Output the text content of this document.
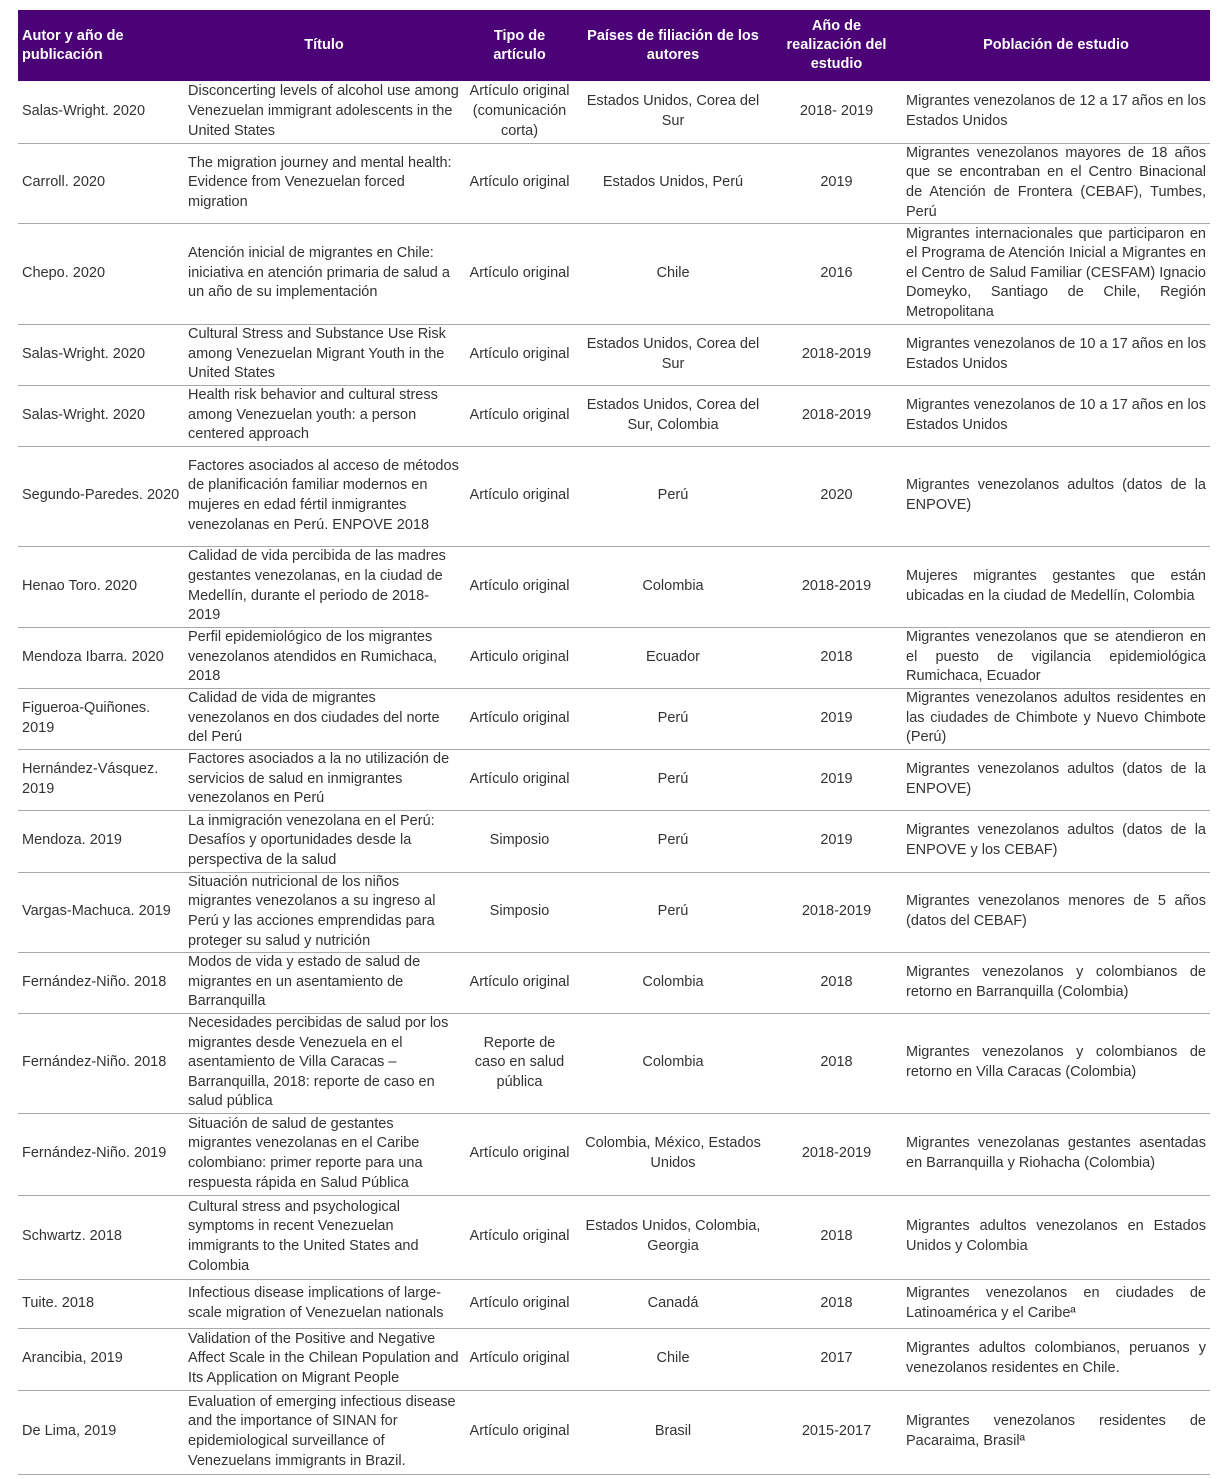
Autor y año de publicación	Título	Tipo de artículo	Países de filiación de los autores	Año de realización del estudio	Población de estudio
Salas-Wright. 2020	Disconcerting levels of alcohol use among Venezuelan immigrant adolescents in the United States	Artículo original (comunicación corta)	Estados Unidos, Corea del Sur	2018- 2019	Migrantes venezolanos de 12 a 17 años en los Estados Unidos
Carroll. 2020	The migration journey and mental health: Evidence from Venezuelan forced migration	Artículo original	Estados Unidos, Perú	2019	Migrantes venezolanos mayores de 18 años que se encontraban en el Centro Binacional de Atención de Frontera (CEBAF), Tumbes, Perú
Chepo. 2020	Atención inicial de migrantes en Chile: iniciativa en atención primaria de salud a un año de su implementación	Artículo original	Chile	2016	Migrantes internacionales que participaron en el Programa de Atención Inicial a Migrantes en el Centro de Salud Familiar (CESFAM) Ignacio Domeyko, Santiago de Chile, Región Metropolitana
Salas-Wright. 2020	Cultural Stress and Substance Use Risk among Venezuelan Migrant Youth in the United States	Artículo original	Estados Unidos, Corea del Sur	2018-2019	Migrantes venezolanos de 10 a 17 años en los Estados Unidos
Salas-Wright. 2020	Health risk behavior and cultural stress among Venezuelan youth: a person centered approach	Artículo original	Estados Unidos, Corea del Sur, Colombia	2018-2019	Migrantes venezolanos de 10 a 17 años en los Estados Unidos
Segundo-Paredes. 2020	Factores asociados al acceso de métodos de planificación familiar modernos en mujeres en edad fértil inmigrantes venezolanas en Perú. ENPOVE 2018	Artículo original	Perú	2020	Migrantes venezolanos adultos (datos de la ENPOVE)
Henao Toro. 2020	Calidad de vida percibida de las madres gestantes venezolanas, en la ciudad de Medellín, durante el periodo de 2018-2019	Artículo original	Colombia	2018-2019	Mujeres migrantes gestantes que están ubicadas en la ciudad de Medellín, Colombia
Mendoza Ibarra. 2020	Perfil epidemiológico de los migrantes venezolanos atendidos en Rumichaca, 2018	Articulo original	Ecuador	2018	Migrantes venezolanos que se atendieron en el puesto de vigilancia epidemiológica Rumichaca, Ecuador
Figueroa-Quiñones. 2019	Calidad de vida de migrantes venezolanos en dos ciudades del norte del Perú	Artículo original	Perú	2019	Migrantes venezolanos adultos residentes en las ciudades de Chimbote y Nuevo Chimbote (Perú)
Hernández-Vásquez. 2019	Factores asociados a la no utilización de servicios de salud en inmigrantes venezolanos en Perú	Artículo original	Perú	2019	Migrantes venezolanos adultos (datos de la ENPOVE)
Mendoza. 2019	La inmigración venezolana en el Perú: Desafíos y oportunidades desde la perspectiva de la salud	Simposio	Perú	2019	Migrantes venezolanos adultos (datos de la ENPOVE y los CEBAF)
Vargas-Machuca. 2019	Situación nutricional de los niños migrantes venezolanos a su ingreso al Perú y las acciones emprendidas para proteger su salud y nutrición	Simposio	Perú	2018-2019	Migrantes venezolanos menores de 5 años (datos del CEBAF)
Fernández-Niño. 2018	Modos de vida y estado de salud de migrantes en un asentamiento de Barranquilla	Artículo original	Colombia	2018	Migrantes venezolanos y colombianos de retorno en Barranquilla (Colombia)
Fernández-Niño. 2018	Necesidades percibidas de salud por los migrantes desde Venezuela en el asentamiento de Villa Caracas – Barranquilla, 2018: reporte de caso en salud pública	Reporte de caso en salud pública	Colombia	2018	Migrantes venezolanos y colombianos de retorno en Villa Caracas (Colombia)
Fernández-Niño. 2019	Situación de salud de gestantes migrantes venezolanas en el Caribe colombiano: primer reporte para una respuesta rápida en Salud Pública	Artículo original	Colombia, México, Estados Unidos	2018-2019	Migrantes venezolanas gestantes asentadas en Barranquilla y Riohacha (Colombia)
Schwartz. 2018	Cultural stress and psychological symptoms in recent Venezuelan immigrants to the United States and Colombia	Artículo original	Estados Unidos, Colombia, Georgia	2018	Migrantes adultos venezolanos en Estados Unidos y Colombia
Tuite. 2018	Infectious disease implications of large-scale migration of Venezuelan nationals	Artículo original	Canadá	2018	Migrantes venezolanos en ciudades de Latinoamérica y el Caribeª
Arancibia, 2019	Validation of the Positive and Negative Affect Scale in the Chilean Population and Its Application on Migrant People	Artículo original	Chile	2017	Migrantes adultos colombianos, peruanos y venezolanos residentes en Chile.
De Lima, 2019	Evaluation of emerging infectious disease and the importance of SINAN for epidemiological surveillance of Venezuelans immigrants in Brazil.	Artículo original	Brasil	2015-2017	Migrantes venezolanos residentes de Pacaraima, Brasilª
